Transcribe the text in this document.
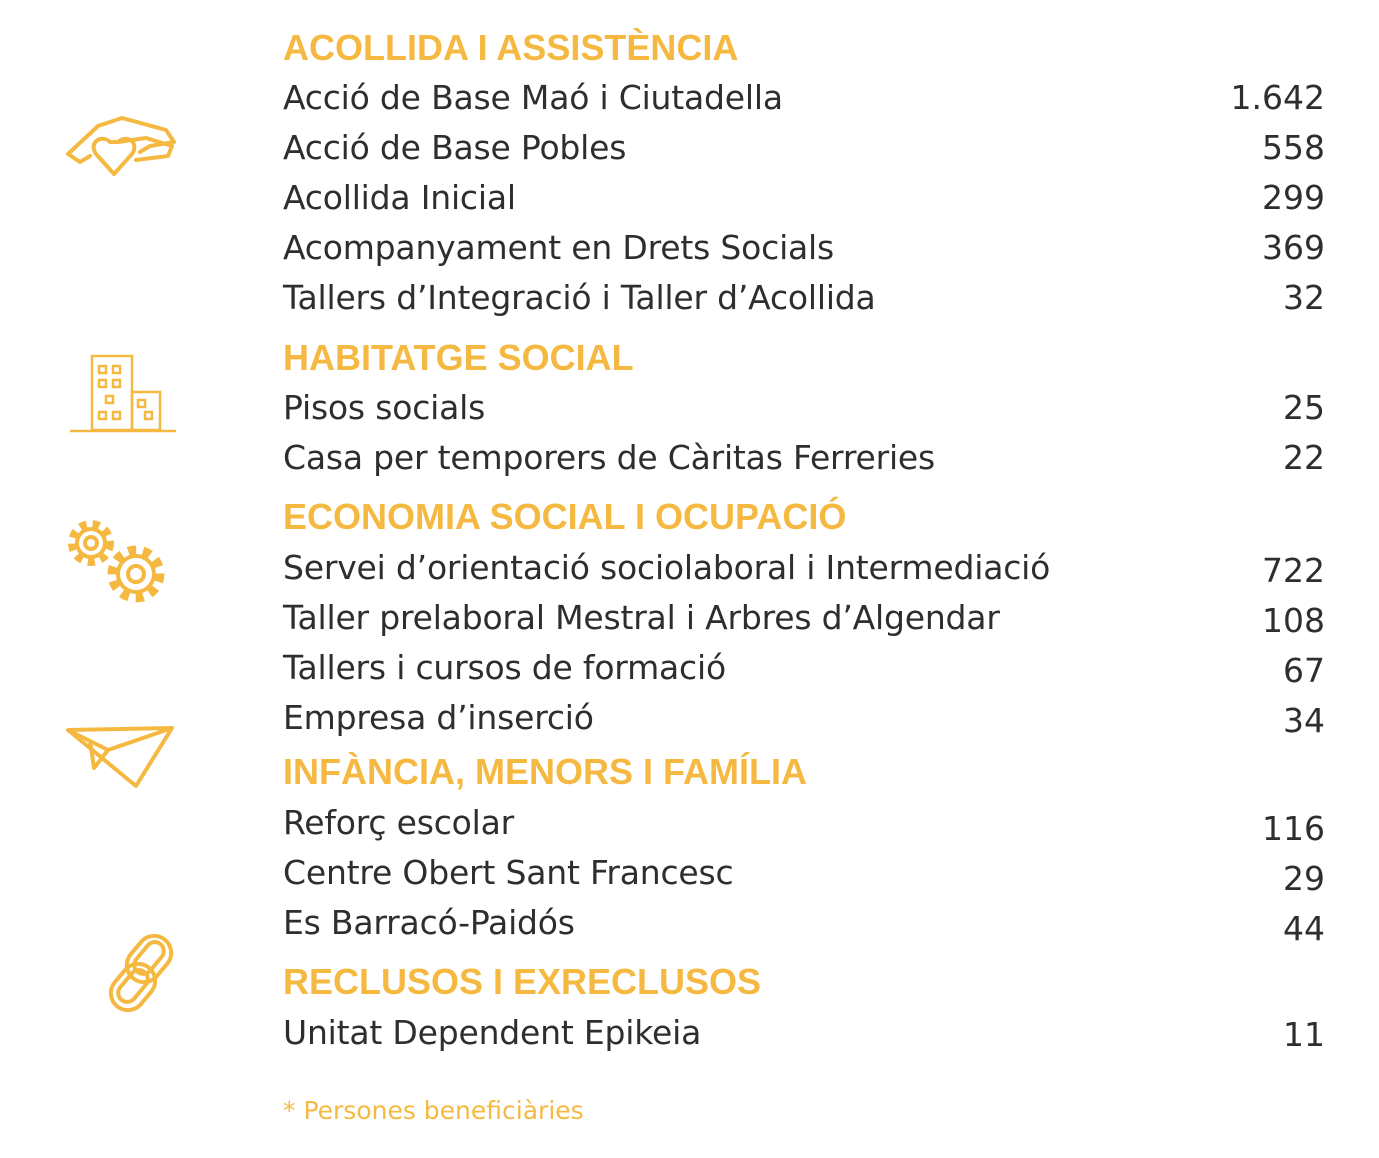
ACOLLIDA I ASSISTÈNCIA
Acció de Base Maó i Ciutadella	1.642
Acció de Base Pobles	558
Acollida Inicial	299
Acompanyament en Drets Socials	369
Tallers d’Integració i Taller d’Acollida	32
HABITATGE SOCIAL
Pisos socials	25
Casa per temporers de Càritas Ferreries	22
ECONOMIA SOCIAL I OCUPACIÓ
Servei d’orientació sociolaboral i Intermediació	722
Taller prelaboral Mestral i Arbres d’Algendar	108
Tallers i cursos de formació	67
Empresa d’inserció	34
INFÀNCIA, MENORS I FAMÍLIA
Reforç escolar	116
Centre Obert Sant Francesc	29
Es Barracó-Paidós	44
RECLUSOS I EXRECLUSOS
Unitat Dependent Epikeia	11
* Persones beneficiàries
